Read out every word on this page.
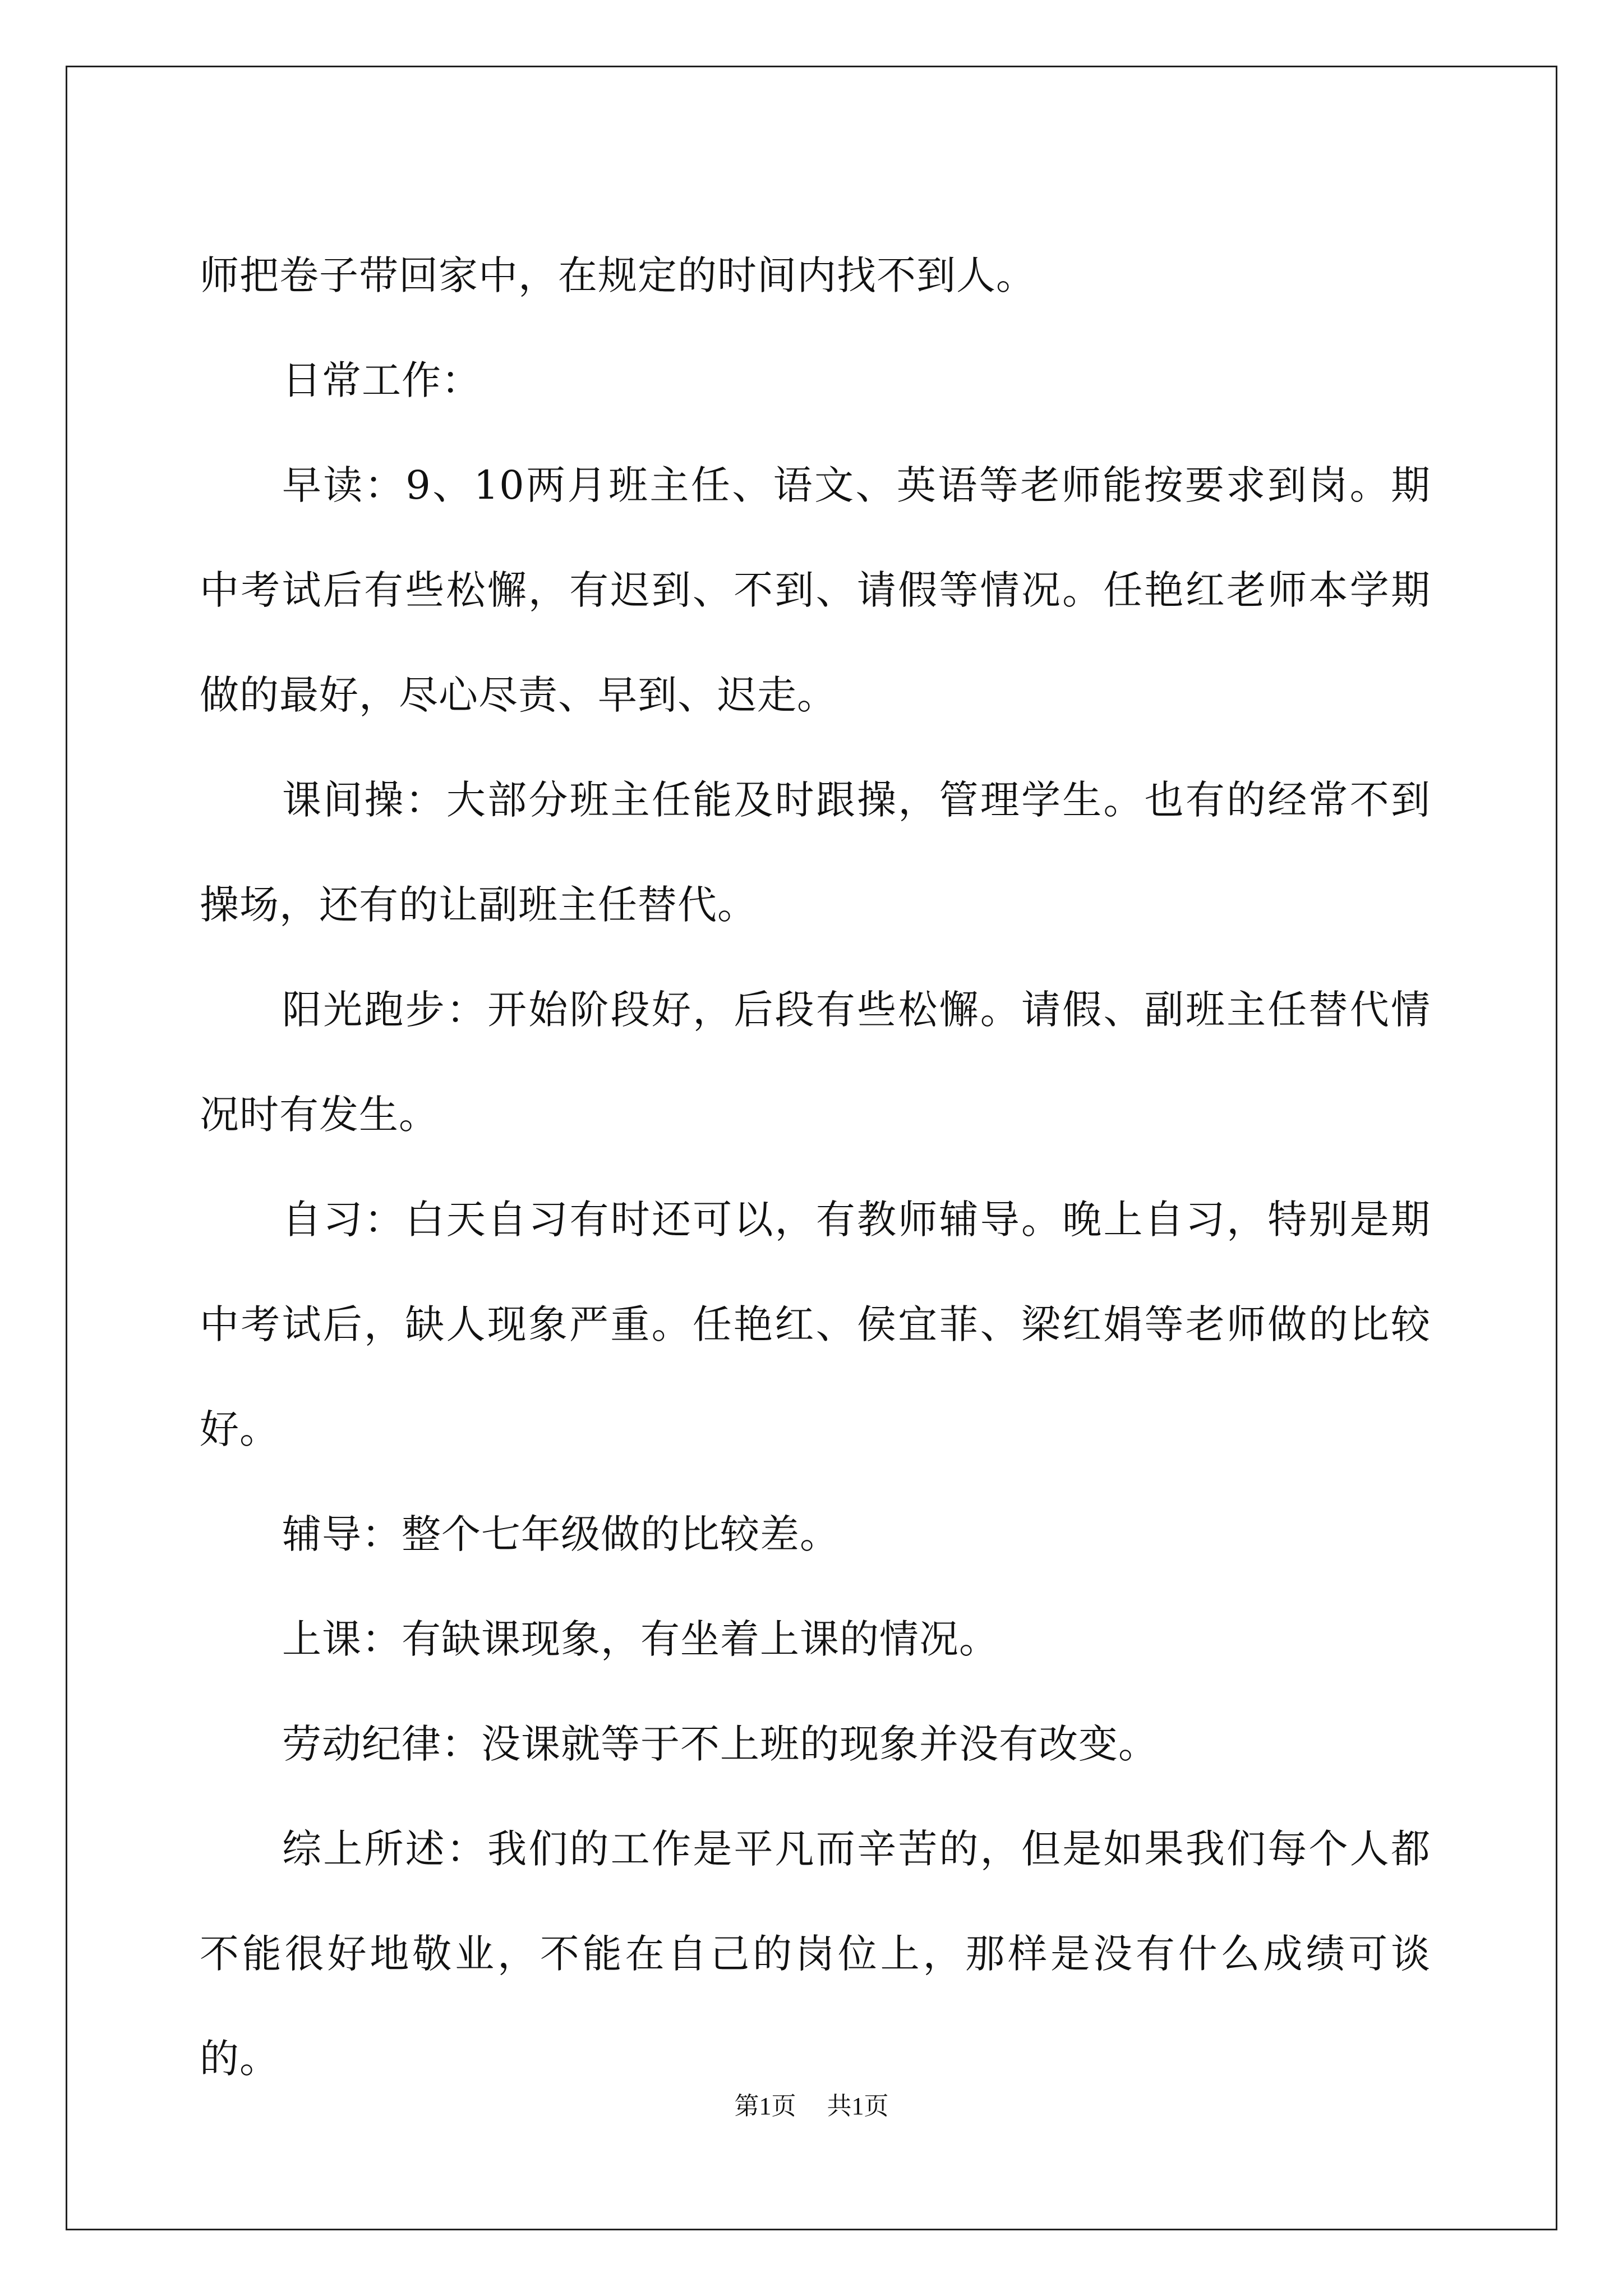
师把卷子带回家中，在规定的时间内找不到人。

日常工作：

早读：9、10两月班主任、语文、英语等老师能按要求到岗。期中考试后有些松懈，有迟到、不到、请假等情况。任艳红老师本学期做的最好，尽心尽责、早到、迟走。

课间操：大部分班主任能及时跟操，管理学生。也有的经常不到操场，还有的让副班主任替代。

阳光跑步：开始阶段好，后段有些松懈。请假、副班主任替代情况时有发生。

自习：白天自习有时还可以，有教师辅导。晚上自习，特别是期中考试后，缺人现象严重。任艳红、侯宜菲、梁红娟等老师做的比较好。

辅导：整个七年级做的比较差。

上课：有缺课现象，有坐着上课的情况。

劳动纪律：没课就等于不上班的现象并没有改变。

综上所述：我们的工作是平凡而辛苦的，但是如果我们每个人都不能很好地敬业，不能在自己的岗位上，那样是没有什么成绩可谈的。

第1页 共1页
